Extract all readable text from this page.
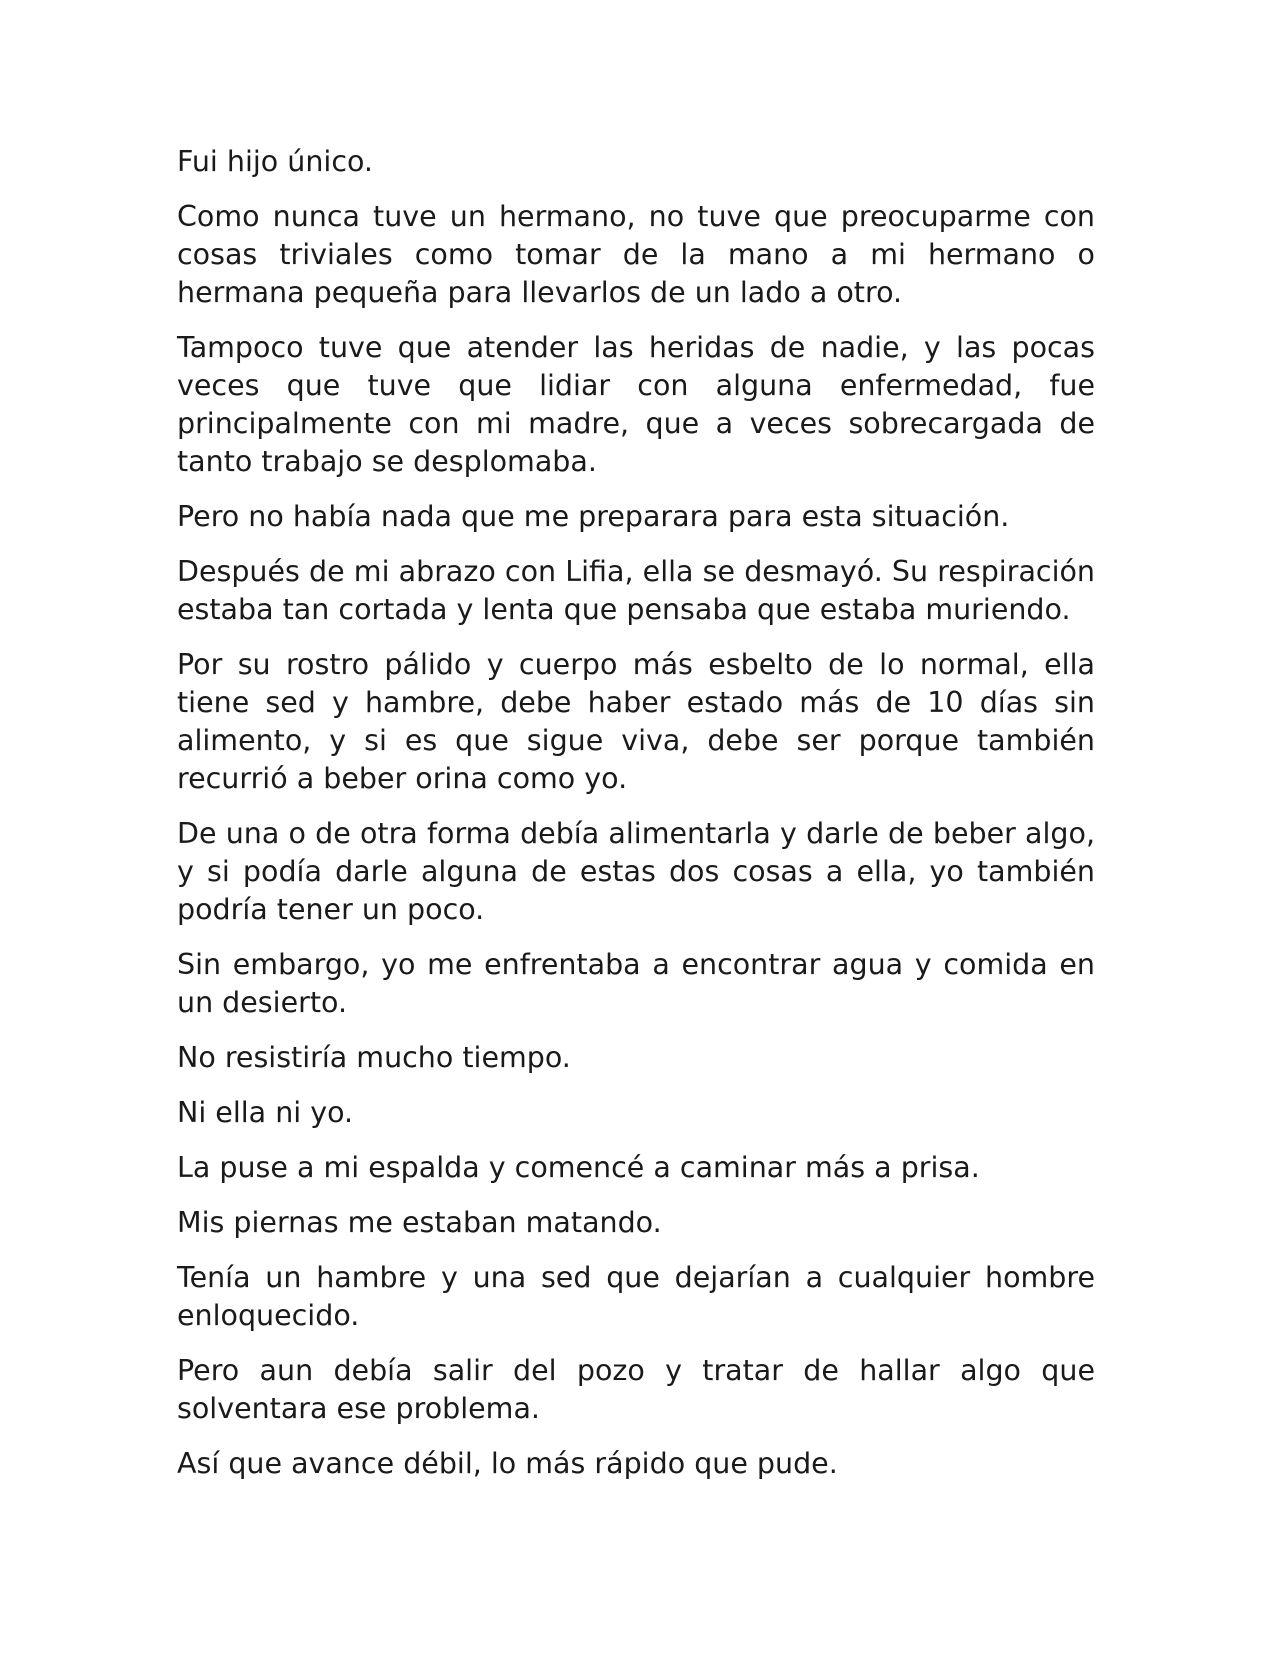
Fui hijo único.

Como nunca tuve un hermano, no tuve que preocuparme con cosas triviales como tomar de la mano a mi hermano o hermana pequeña para llevarlos de un lado a otro.

Tampoco tuve que atender las heridas de nadie, y las pocas veces que tuve que lidiar con alguna enfermedad, fue principalmente con mi madre, que a veces sobrecargada de tanto trabajo se desplomaba.

Pero no había nada que me preparara para esta situación.

Después de mi abrazo con Lifia, ella se desmayó. Su respiración estaba tan cortada y lenta que pensaba que estaba muriendo.

Por su rostro pálido y cuerpo más esbelto de lo normal, ella tiene sed y hambre, debe haber estado más de 10 días sin alimento, y si es que sigue viva, debe ser porque también recurrió a beber orina como yo.

De una o de otra forma debía alimentarla y darle de beber algo, y si podía darle alguna de estas dos cosas a ella, yo también podría tener un poco.

Sin embargo, yo me enfrentaba a encontrar agua y comida en un desierto.

No resistiría mucho tiempo.

Ni ella ni yo.

La puse a mi espalda y comencé a caminar más a prisa.

Mis piernas me estaban matando.

Tenía un hambre y una sed que dejarían a cualquier hombre enloquecido.

Pero aun debía salir del pozo y tratar de hallar algo que solventara ese problema.

Así que avance débil, lo más rápido que pude.
